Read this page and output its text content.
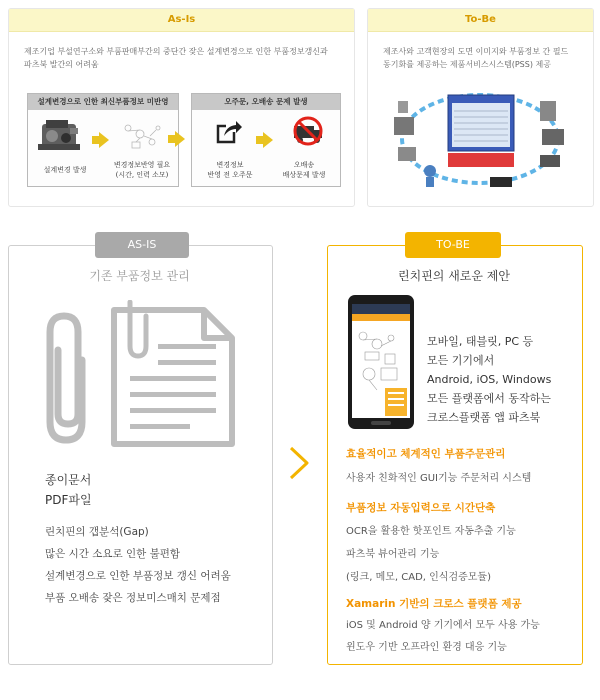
As-Is
제조기업 부설연구소와 부품판매부간의 중단간 잦은 설계변경으로 인한 부품정보갱신과
파츠북 발간의 어려움
설계변경으로 인한 최신부품정보 미반영
설계변경 발생
변경정보반영 필요
(시간, 인력 소모)
오주문, 오배송 문제 발생
변경정보
반영 전 오주문
오배송
배상문제 발생
To-Be
제조사와 고객현장의 도면 이미지와 부품정보 간 필드
동기화를 제공하는 제품서비스시스템(PSS) 제공
AS-IS
기존 부품정보 관리
종이문서
PDF파일
린치핀의 갭분석(Gap)
많은 시간 소요로 인한 불편함
설계변경으로 인한 부품정보 갱신 어려움
부품 오배송 잦은 정보미스매치 문제점
TO-BE
린치핀의 새로운 제안
모바일, 태블릿, PC 등
모든 기기에서
Android, iOS, Windows
모든 플랫폼에서 동작하는
크로스플랫폼 앱 파츠북
효율적이고 체계적인 부품주문관리
사용자 친화적인 GUI기능 주문처리 시스템
부품정보 자동입력으로 시간단축
OCR을 활용한 핫포인트 자동추출 기능
파츠북 뷰어관리 기능
(링크, 메모, CAD, 인식검증모듈)
Xamarin 기반의 크로스 플랫폼 제공
iOS 및 Android 양 기기에서 모두 사용 가능
윈도우 기반 오프라인 환경 대응 기능
